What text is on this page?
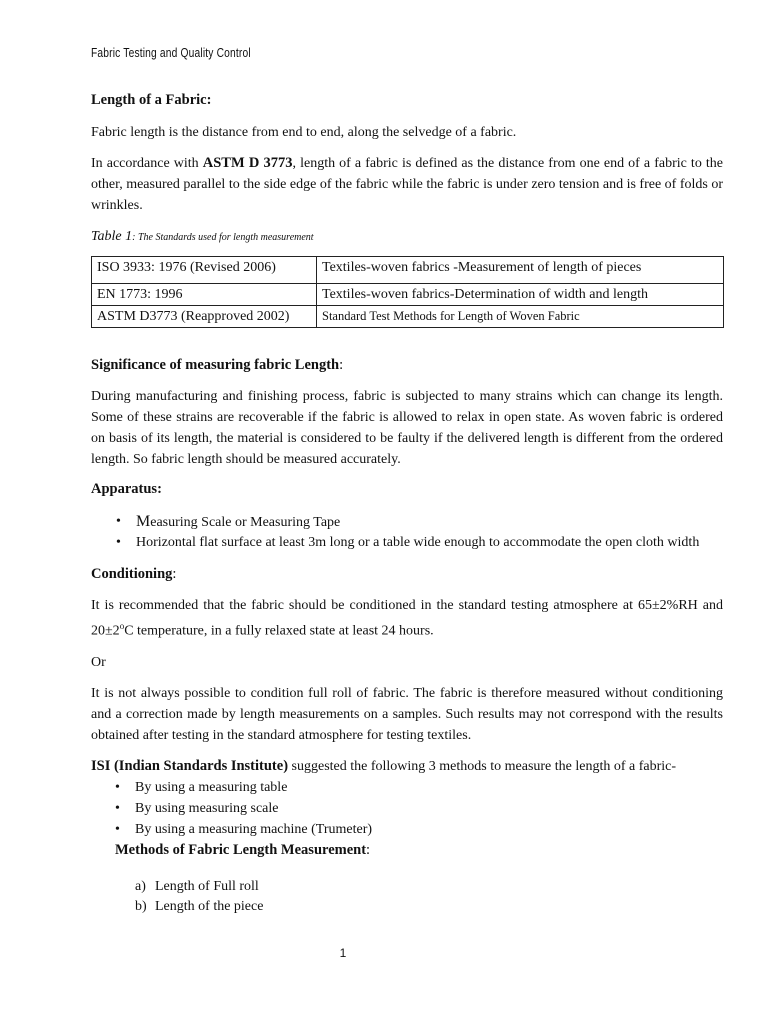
Fabric Testing and Quality Control

Length of a Fabric:

Fabric length is the distance from end to end, along the selvedge of a fabric.

In accordance with ASTM D 3773, length of a fabric is defined as the distance from one end of a fabric to the other, measured parallel to the side edge of the fabric while the fabric is under zero tension and is free of folds or wrinkles.

Table 1: The Standards used for length measurement

ISO 3933: 1976 (Revised 2006)	Textiles-woven fabrics -Measurement of length of pieces
EN 1773: 1996	Textiles-woven fabrics-Determination of width and length
ASTM D3773 (Reapproved 2002)	Standard Test Methods for Length of Woven Fabric

Significance of measuring fabric Length:

During manufacturing and finishing process, fabric is subjected to many strains which can change its length. Some of these strains are recoverable if the fabric is allowed to relax in open state. As woven fabric is ordered on basis of its length, the material is considered to be faulty if the delivered length is different from the ordered length. So fabric length should be measured accurately.

Apparatus:

• Measuring Scale or Measuring Tape
• Horizontal flat surface at least 3m long or a table wide enough to accommodate the open cloth width

Conditioning:

It is recommended that the fabric should be conditioned in the standard testing atmosphere at 65±2%RH and $20\pm 2^oC$ temperature, in a fully relaxed state at least 24 hours.

Or

It is not always possible to condition full roll of fabric. The fabric is therefore measured without conditioning and a correction made by length measurements on a samples. Such results may not correspond with the results obtained after testing in the standard atmosphere for testing textiles.

ISI (Indian Standards Institute) suggested the following 3 methods to measure the length of a fabric-

• By using a measuring table
• By using measuring scale
• By using a measuring machine (Trumeter)

Methods of Fabric Length Measurement:

a) Length of Full roll
b) Length of the piece
1
